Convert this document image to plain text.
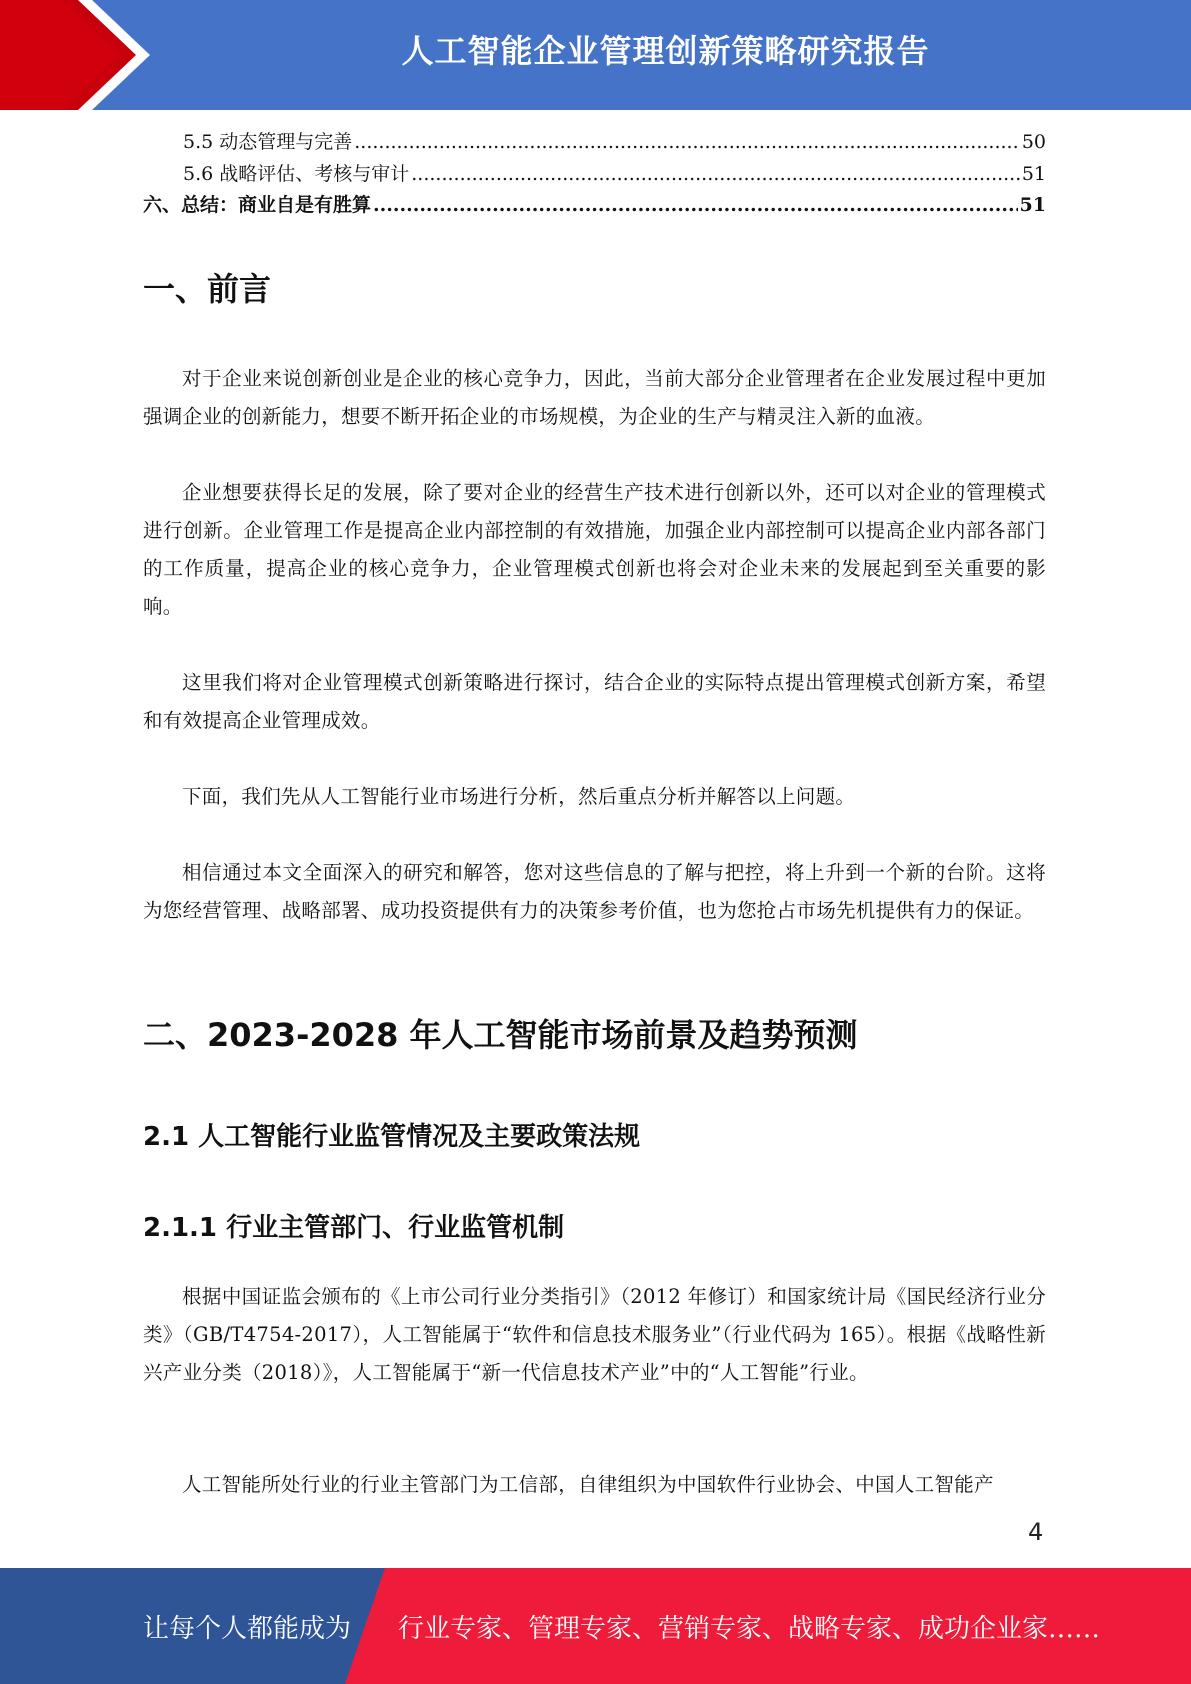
人工智能企业管理创新策略研究报告
5.5 动态管理与完善 .....	50
5.6 战略评估、考核与审计 .....	51
六、总结：商业自是有胜算 .....	51
一、前言

对于企业来说创新创业是企业的核心竞争力，因此，当前大部分企业管理者在企业发展过程中更加强调企业的创新能力，想要不断开拓企业的市场规模，为企业的生产与精灵注入新的血液。

企业想要获得长足的发展，除了要对企业的经营生产技术进行创新以外，还可以对企业的管理模式进行创新。企业管理工作是提高企业内部控制的有效措施，加强企业内部控制可以提高企业内部各部门的工作质量，提高企业的核心竞争力，企业管理模式创新也将会对企业未来的发展起到至关重要的影响。

这里我们将对企业管理模式创新策略进行探讨，结合企业的实际特点提出管理模式创新方案，希望和有效提高企业管理成效。

下面，我们先从人工智能行业市场进行分析，然后重点分析并解答以上问题。

相信通过本文全面深入的研究和解答，您对这些信息的了解与把控，将上升到一个新的台阶。这将为您经营管理、战略部署、成功投资提供有力的决策参考价值，也为您抢占市场先机提供有力的保证。

二、2023-2028 年人工智能市场前景及趋势预测
2.1 人工智能行业监管情况及主要政策法规
2.1.1 行业主管部门、行业监管机制

根据中国证监会颁布的《上市公司行业分类指引》（2012 年修订）和国家统计局《国民经济行业分类》（GB/T4754-2017），人工智能属于“软件和信息技术服务业”（行业代码为 165）。根据《战略性新兴产业分类（2018）》，人工智能属于“新一代信息技术产业”中的“人工智能”行业。

人工智能所处行业的行业主管部门为工信部，自律组织为中国软件行业协会、中国人工智能产

4
让每个人都能成为 行业专家、管理专家、营销专家、战略专家、成功企业家……
